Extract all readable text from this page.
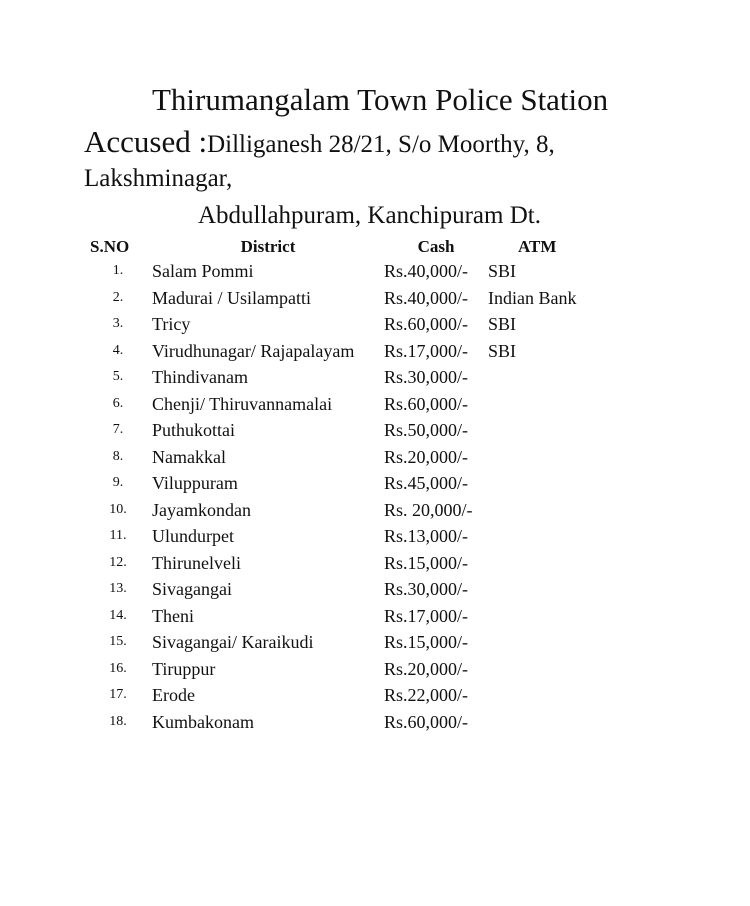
Thirumangalam Town Police Station
Accused :Dilliganesh 28/21, S/o Moorthy, 8,
Lakshminagar,
Abdullahpuram, Kanchipuram Dt.
S.NO	District	Cash	ATM
1.	Salam Pommi	Rs.40,000/-	SBI
2.	Madurai / Usilampatti	Rs.40,000/-	Indian Bank
3.	Tricy	Rs.60,000/-	SBI
4.	Virudhunagar/ Rajapalayam	Rs.17,000/-	SBI
5.	Thindivanam	Rs.30,000/-	
6.	Chenji/ Thiruvannamalai	Rs.60,000/-	
7.	Puthukottai	Rs.50,000/-	
8.	Namakkal	Rs.20,000/-	
9.	Viluppuram	Rs.45,000/-	
10.	Jayamkondan	Rs. 20,000/-	
11.	Ulundurpet	Rs.13,000/-	
12.	Thirunelveli	Rs.15,000/-	
13.	Sivagangai	Rs.30,000/-	
14.	Theni	Rs.17,000/-	
15.	Sivagangai/ Karaikudi	Rs.15,000/-	
16.	Tiruppur	Rs.20,000/-	
17.	Erode	Rs.22,000/-	
18.	Kumbakonam	Rs.60,000/-	
